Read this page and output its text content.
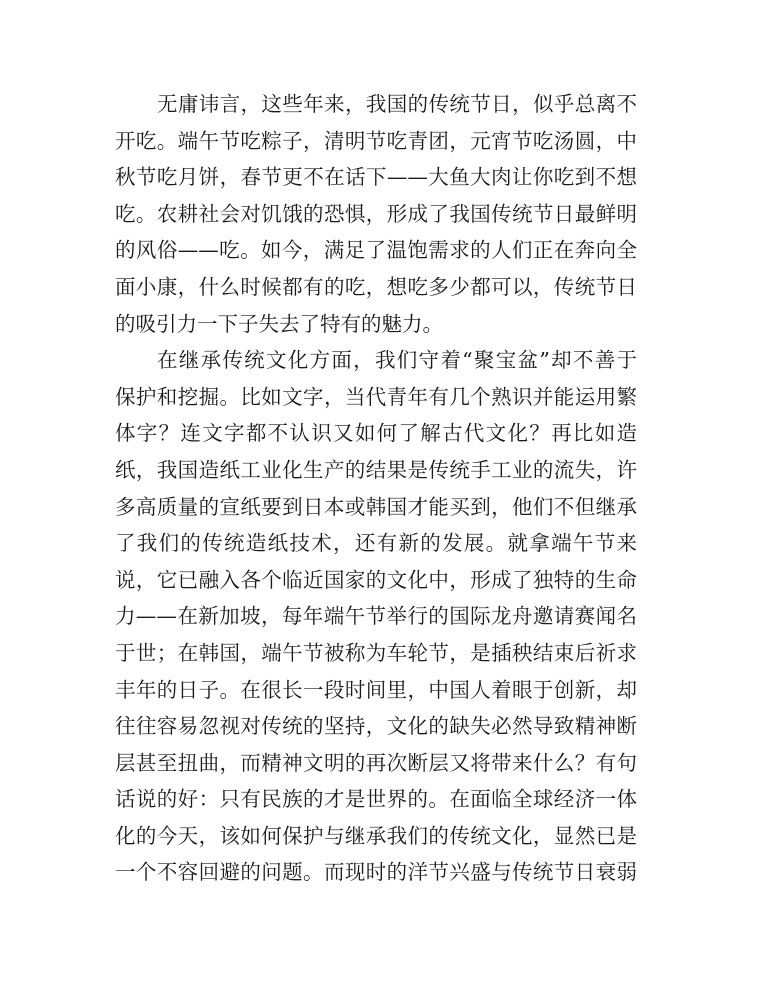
无庸讳言，这些年来，我国的传统节日，似乎总离不
开吃。端午节吃粽子，清明节吃青团，元宵节吃汤圆，中
秋节吃月饼，春节更不在话下——大鱼大肉让你吃到不想
吃。农耕社会对饥饿的恐惧，形成了我国传统节日最鲜明
的风俗——吃。如今，满足了温饱需求的人们正在奔向全
面小康，什么时候都有的吃，想吃多少都可以，传统节日
的吸引力一下子失去了特有的魅力。
在继承传统文化方面，我们守着“聚宝盆”却不善于
保护和挖掘。比如文字，当代青年有几个熟识并能运用繁
体字？连文字都不认识又如何了解古代文化？再比如造
纸，我国造纸工业化生产的结果是传统手工业的流失，许
多高质量的宣纸要到日本或韩国才能买到，他们不但继承
了我们的传统造纸技术，还有新的发展。就拿端午节来
说，它已融入各个临近国家的文化中，形成了独特的生命
力——在新加坡，每年端午节举行的国际龙舟邀请赛闻名
于世；在韩国，端午节被称为车轮节，是插秧结束后祈求
丰年的日子。在很长一段时间里，中国人着眼于创新，却
往往容易忽视对传统的坚持，文化的缺失必然导致精神断
层甚至扭曲，而精神文明的再次断层又将带来什么？有句
话说的好：只有民族的才是世界的。在面临全球经济一体
化的今天，该如何保护与继承我们的传统文化，显然已是
一个不容回避的问题。而现时的洋节兴盛与传统节日衰弱
